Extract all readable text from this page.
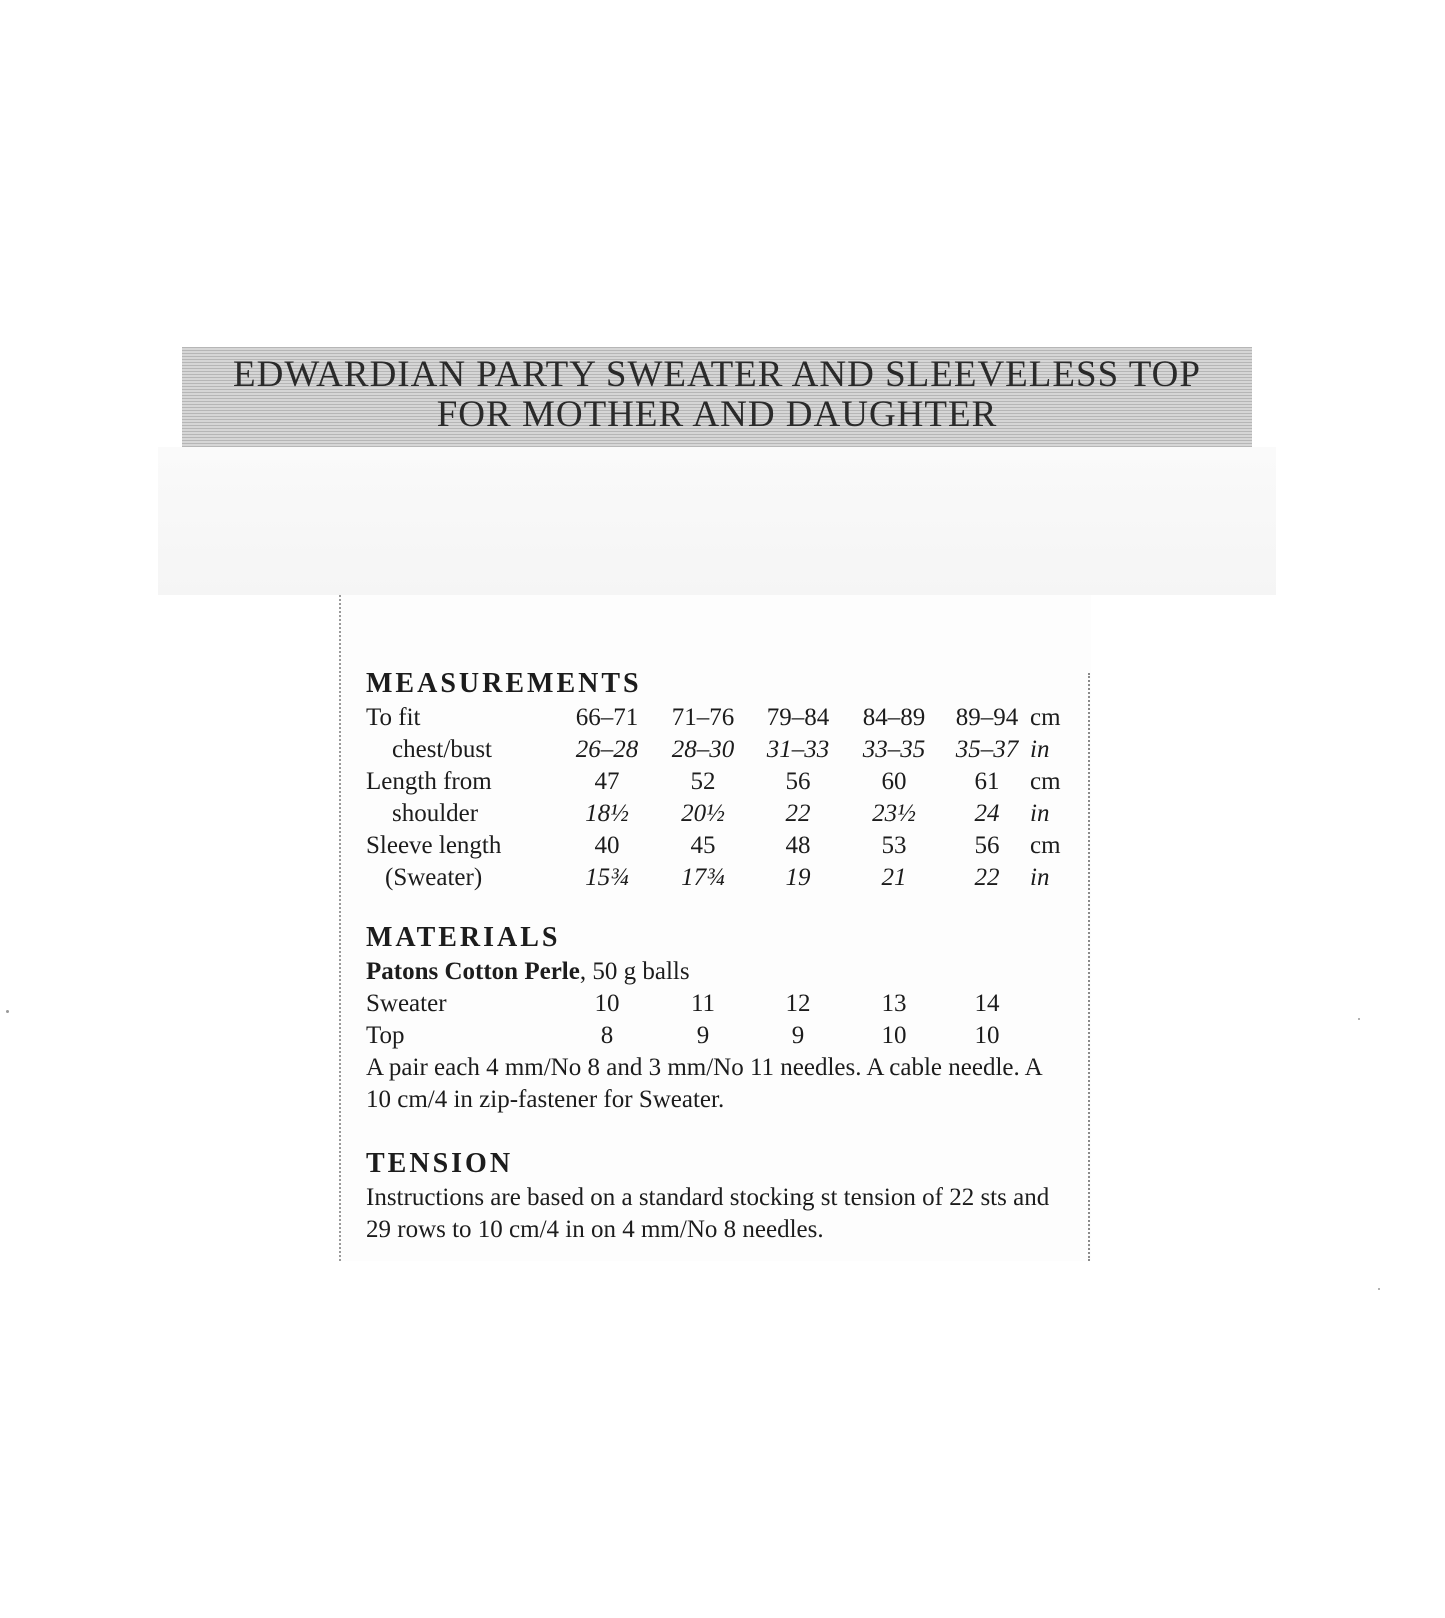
EDWARDIAN PARTY SWEATER AND SLEEVELESS TOP
FOR MOTHER AND DAUGHTER
MEASUREMENTS
To fit	66–71	71–76	79–84	84–89	89–94 cm
chest/bust	26–28	28–30	31–33	33–35	35–37 in
Length from	47	52	56	60	61	cm
shoulder	18½	20½	22	23½	24	in
Sleeve length	40	45	48	53	56	cm
(Sweater)	15¾	17¾	19	21	22	in
MATERIALS
Patons Cotton Perle, 50 g balls
Sweater	10	11	12	13	14
Top	8	9	9	10	10
A pair each 4 mm/No 8 and 3 mm/No 11 needles. A cable needle. A 10 cm/4 in zip-fastener for Sweater.
TENSION
Instructions are based on a standard stocking st tension of 22 sts and 29 rows to 10 cm/4 in on 4 mm/No 8 needles.
